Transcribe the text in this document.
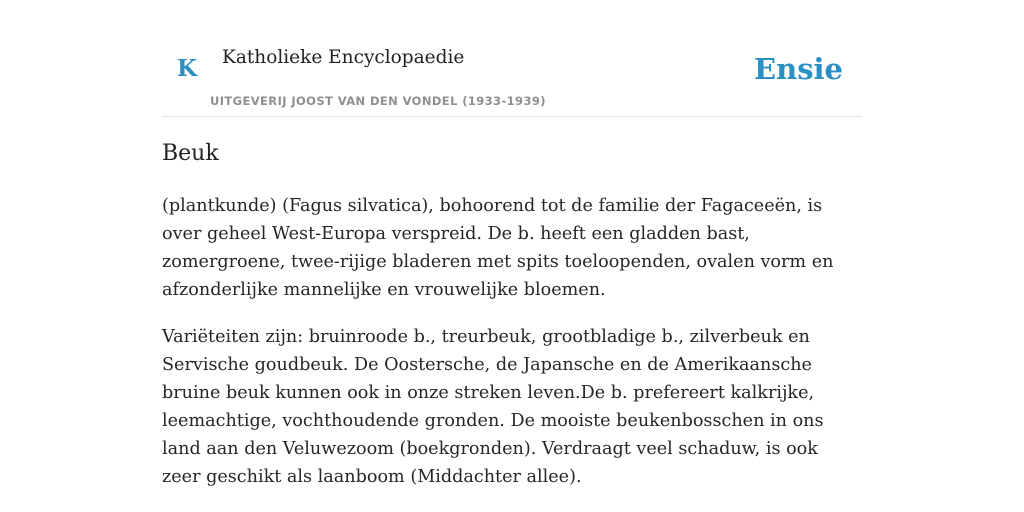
K Katholieke Encyclopaedie
UITGEVERIJ JOOST VAN DEN VONDEL (1933-1939)
Ensie
Beuk

(plantkunde) (Fagus silvatica), bohoorend tot de familie der Fagaceeën, is over geheel West-Europa verspreid. De b. heeft een gladden bast, zomergroene, twee-rijige bladeren met spits toeloopenden, ovalen vorm en afzonderlijke mannelijke en vrouwelijke bloemen.

Variëteiten zijn: bruinroode b., treurbeuk, grootbladige b., zilverbeuk en Servische goudbeuk. De Oostersche, de Japansche en de Amerikaansche bruine beuk kunnen ook in onze streken leven.De b. prefereert kalkrijke, leemachtige, vochthoudende gronden. De mooiste beukenbosschen in ons land aan den Veluwezoom (boekgronden). Verdraagt veel schaduw, is ook zeer geschikt als laanboom (Middachter allee).
